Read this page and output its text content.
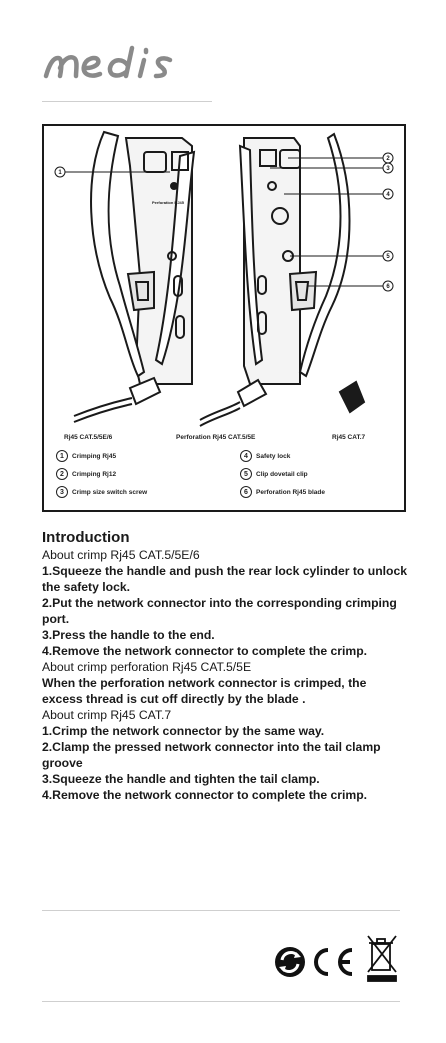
1
2
3
4
5
6
Perforation RJ45
Rj45 CAT.5/5E/6	Perforation Rj45 CAT.5/5E	Rj45 CAT.7
1	Crimping Rj45
2	Crimping Rj12
3	Crimp size switch screw
4	Safety lock
5	Clip dovetail clip
6	Perforation Rj45 blade
Introduction

About crimp Rj45 CAT.5/5E/6

1.Squeeze the handle and push the rear lock cylinder to unlock the safety lock.

2.Put the network connector into the corresponding crimping port.

3.Press the handle to the end.

4.Remove the network connector to complete the crimp.

About crimp perforation Rj45 CAT.5/5E

When the perforation network connector is crimped, the excess thread is cut off directly by the blade .

About crimp Rj45 CAT.7

1.Crimp the network connector by the same way.

2.Clamp the pressed network connector into the tail clamp groove

3.Squeeze the handle and tighten the tail clamp.

4.Remove the network connector to complete the crimp.
